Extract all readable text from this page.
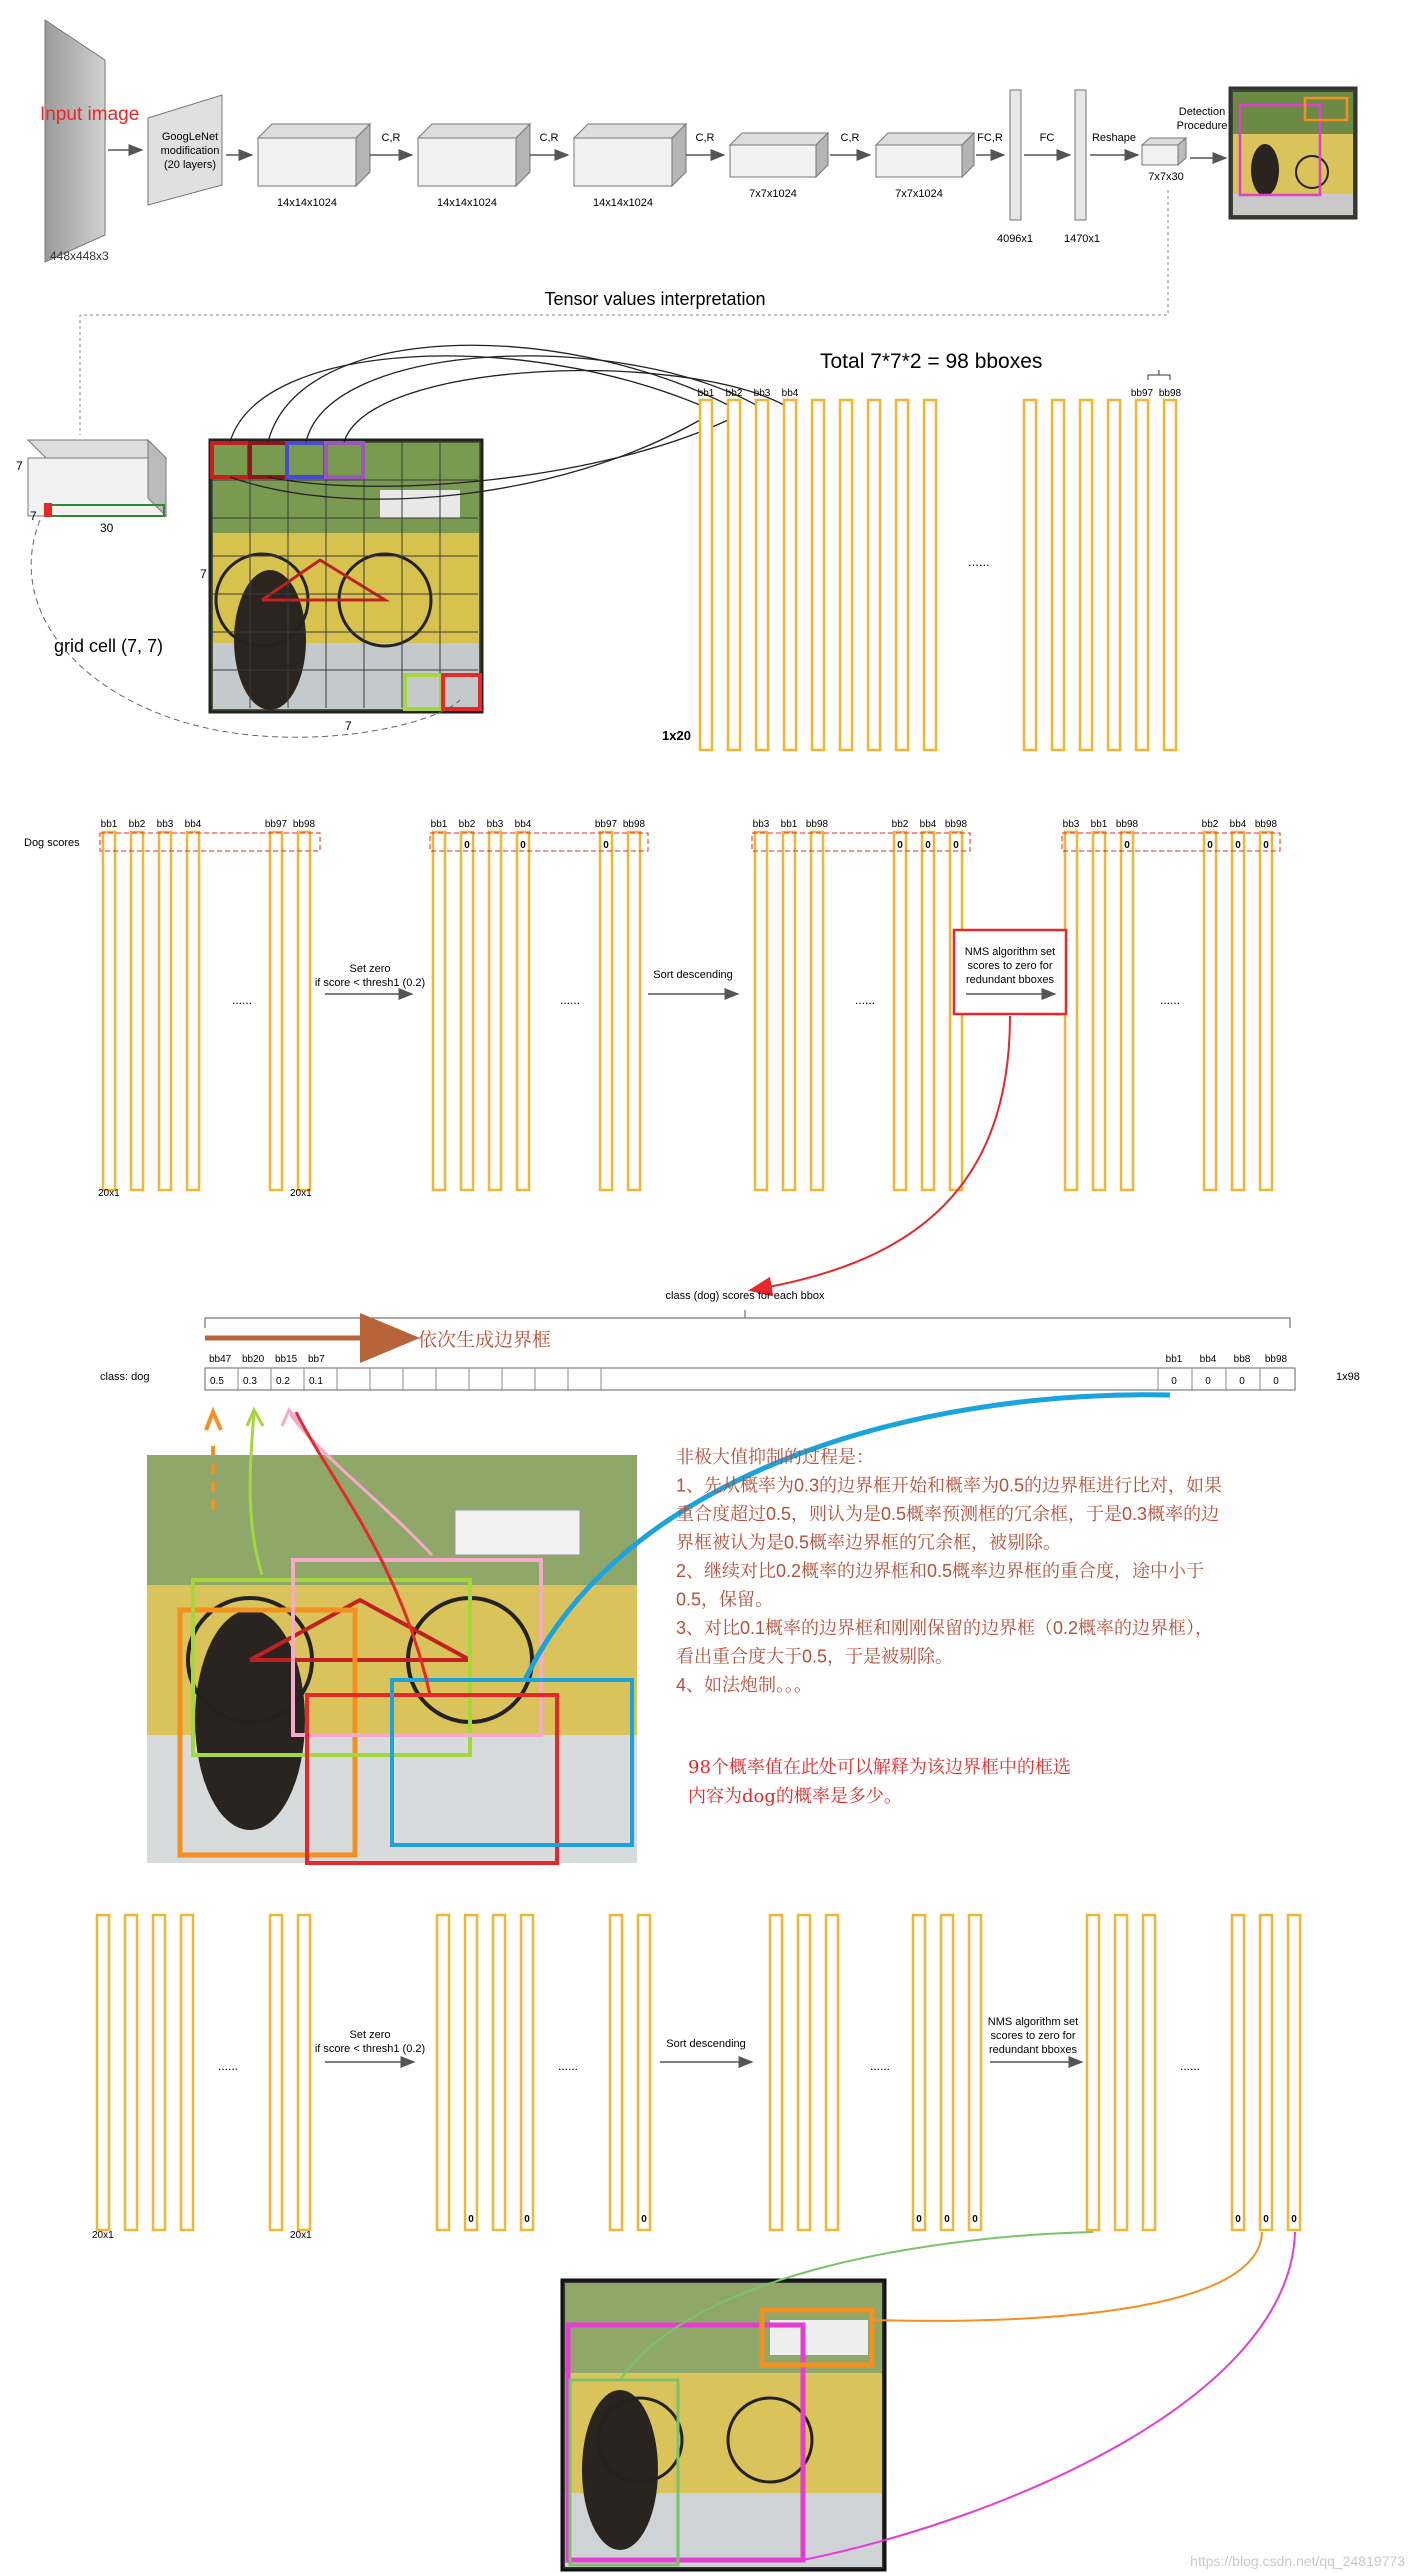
Input image
448x448x3
GoogLeNet
modification
(20 layers)
14x14x1024	14x14x1024	14x14x1024
7x7x1024	7x7x1024
C,R	C,R	C,R	C,R	FC,R	FC	Reshape
4096x1	1470x1
7x7x30
Detection
Procedure
Tensor values interpretation
7
7
30
7
7
grid cell (7, 7)
Total 7*7*2 = 98 bboxes
bb1 bb2 bb3 bb4	bb97 bb98
......
1x20
Dog scores
bb1 bb2 bb3 bb4	bb97 bb98
......
bb1 bb2
0
bb3 bb4
0
bb97
0
bb98
......
bb3 bb1 bb98	bb2
0
bb4
0
bb98
0
......
bb3 bb1 bb98
0
bb2
0
bb4
0
bb98
0
......
20x1	20x1
Set zero
if score < thresh1 (0.2)
Sort descending
NMS algorithm set
scores to zero for
redundant bboxes
class (dog) scores for each bbox
依次生成边界框
class: dog	1x98
bb47
0.5
bb20
0.3
bb15
0.2
bb7
0.1
bb1
0
bb4
0
bb8
0
bb98
0
非极大值抑制的过程是：
1、先从概率为0.3的边界框开始和概率为0.5的边界框进行比对，如果
重合度超过0.5，则认为是0.5概率预测框的冗余框，于是0.3概率的边
界框被认为是0.5概率边界框的冗余框，被剔除。
2、继续对比0.2概率的边界框和0.5概率边界框的重合度，途中小于
0.5，保留。
3、对比0.1概率的边界框和刚刚保留的边界框（0.2概率的边界框），
看出重合度大于0.5，于是被剔除。
4、如法炮制。。。
98个概率值在此处可以解释为该边界框中的框选
内容为dog的概率是多少。
......
0	0	0
......
0 0 0
......
0 0 0
......
20x1	20x1
Set zero
if score < thresh1 (0.2)	Sort descending
NMS algorithm set
scores to zero for
redundant bboxes
https://blog.csdn.net/qq_24819773
